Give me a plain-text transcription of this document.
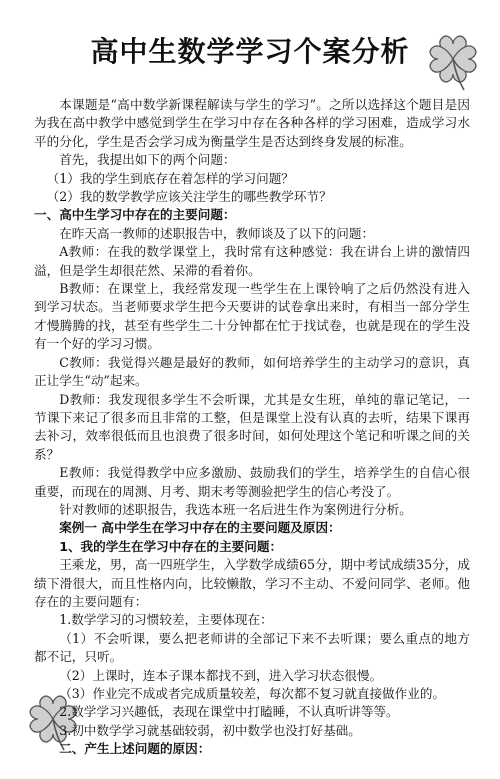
高中生数学学习个案分析

本课题是“高中数学新课程解读与学生的学习”。之所以选择这个题目是因为我在高中教学中感觉到学生在学习中存在各种各样的学习困难，造成学习水平的分化，学生是否会学习成为衡量学生是否达到终身发展的标准。

首先，我提出如下的两个问题：

（1）我的学生到底存在着怎样的学习问题？

（2）我的数学教学应该关注学生的哪些教学环节？

一、高中生学习中存在的主要问题：

在昨天高一教师的述职报告中，教师谈及了以下的问题：

A教师：在我的数学课堂上，我时常有这种感觉：我在讲台上讲的激情四溢，但是学生却很茫然、呆滞的看着你。

B教师：在课堂上，我经常发现一些学生在上课铃响了之后仍然没有进入到学习状态。当老师要求学生把今天要讲的试卷拿出来时，有相当一部分学生才慢腾腾的找，甚至有些学生二十分钟都在忙于找试卷，也就是现在的学生没有一个好的学习习惯。

C教师：我觉得兴趣是最好的教师，如何培养学生的主动学习的意识，真正让学生“动”起来。

D教师：我发现很多学生不会听课，尤其是女生班，单纯的靠记笔记，一节课下来记了很多而且非常的工整，但是课堂上没有认真的去听，结果下课再去补习，效率很低而且也浪费了很多时间，如何处理这个笔记和听课之间的关系？

E教师：我觉得教学中应多激励、鼓励我们的学生，培养学生的自信心很重要，而现在的周测、月考、期末考等测验把学生的信心考没了。

针对教师的述职报告，我选本班一名后进生作为案例进行分析。

案例一 高中学生在学习中存在的主要问题及原因：

1、我的学生在学习中存在的主要问题：

王乘龙，男，高一四班学生，入学数学成绩65分，期中考试成绩35分，成绩下滑很大，而且性格内向，比较懒散，学习不主动、不爱问同学、老师。他存在的主要问题有：

1.数学学习的习惯较差，主要体现在：

（1）不会听课，要么把老师讲的全部记下来不去听课；要么重点的地方都不记，只听。

（2）上课时，连本子课本都找不到，进入学习状态很慢。

（3）作业完不成或者完成质量较差，每次都不复习就直接做作业的。

2.数学学习兴趣低，表现在课堂中打瞌睡，不认真听讲等等。

3.初中数学学习就基础较弱，初中数学也没打好基础。

二、产生上述问题的原因：
